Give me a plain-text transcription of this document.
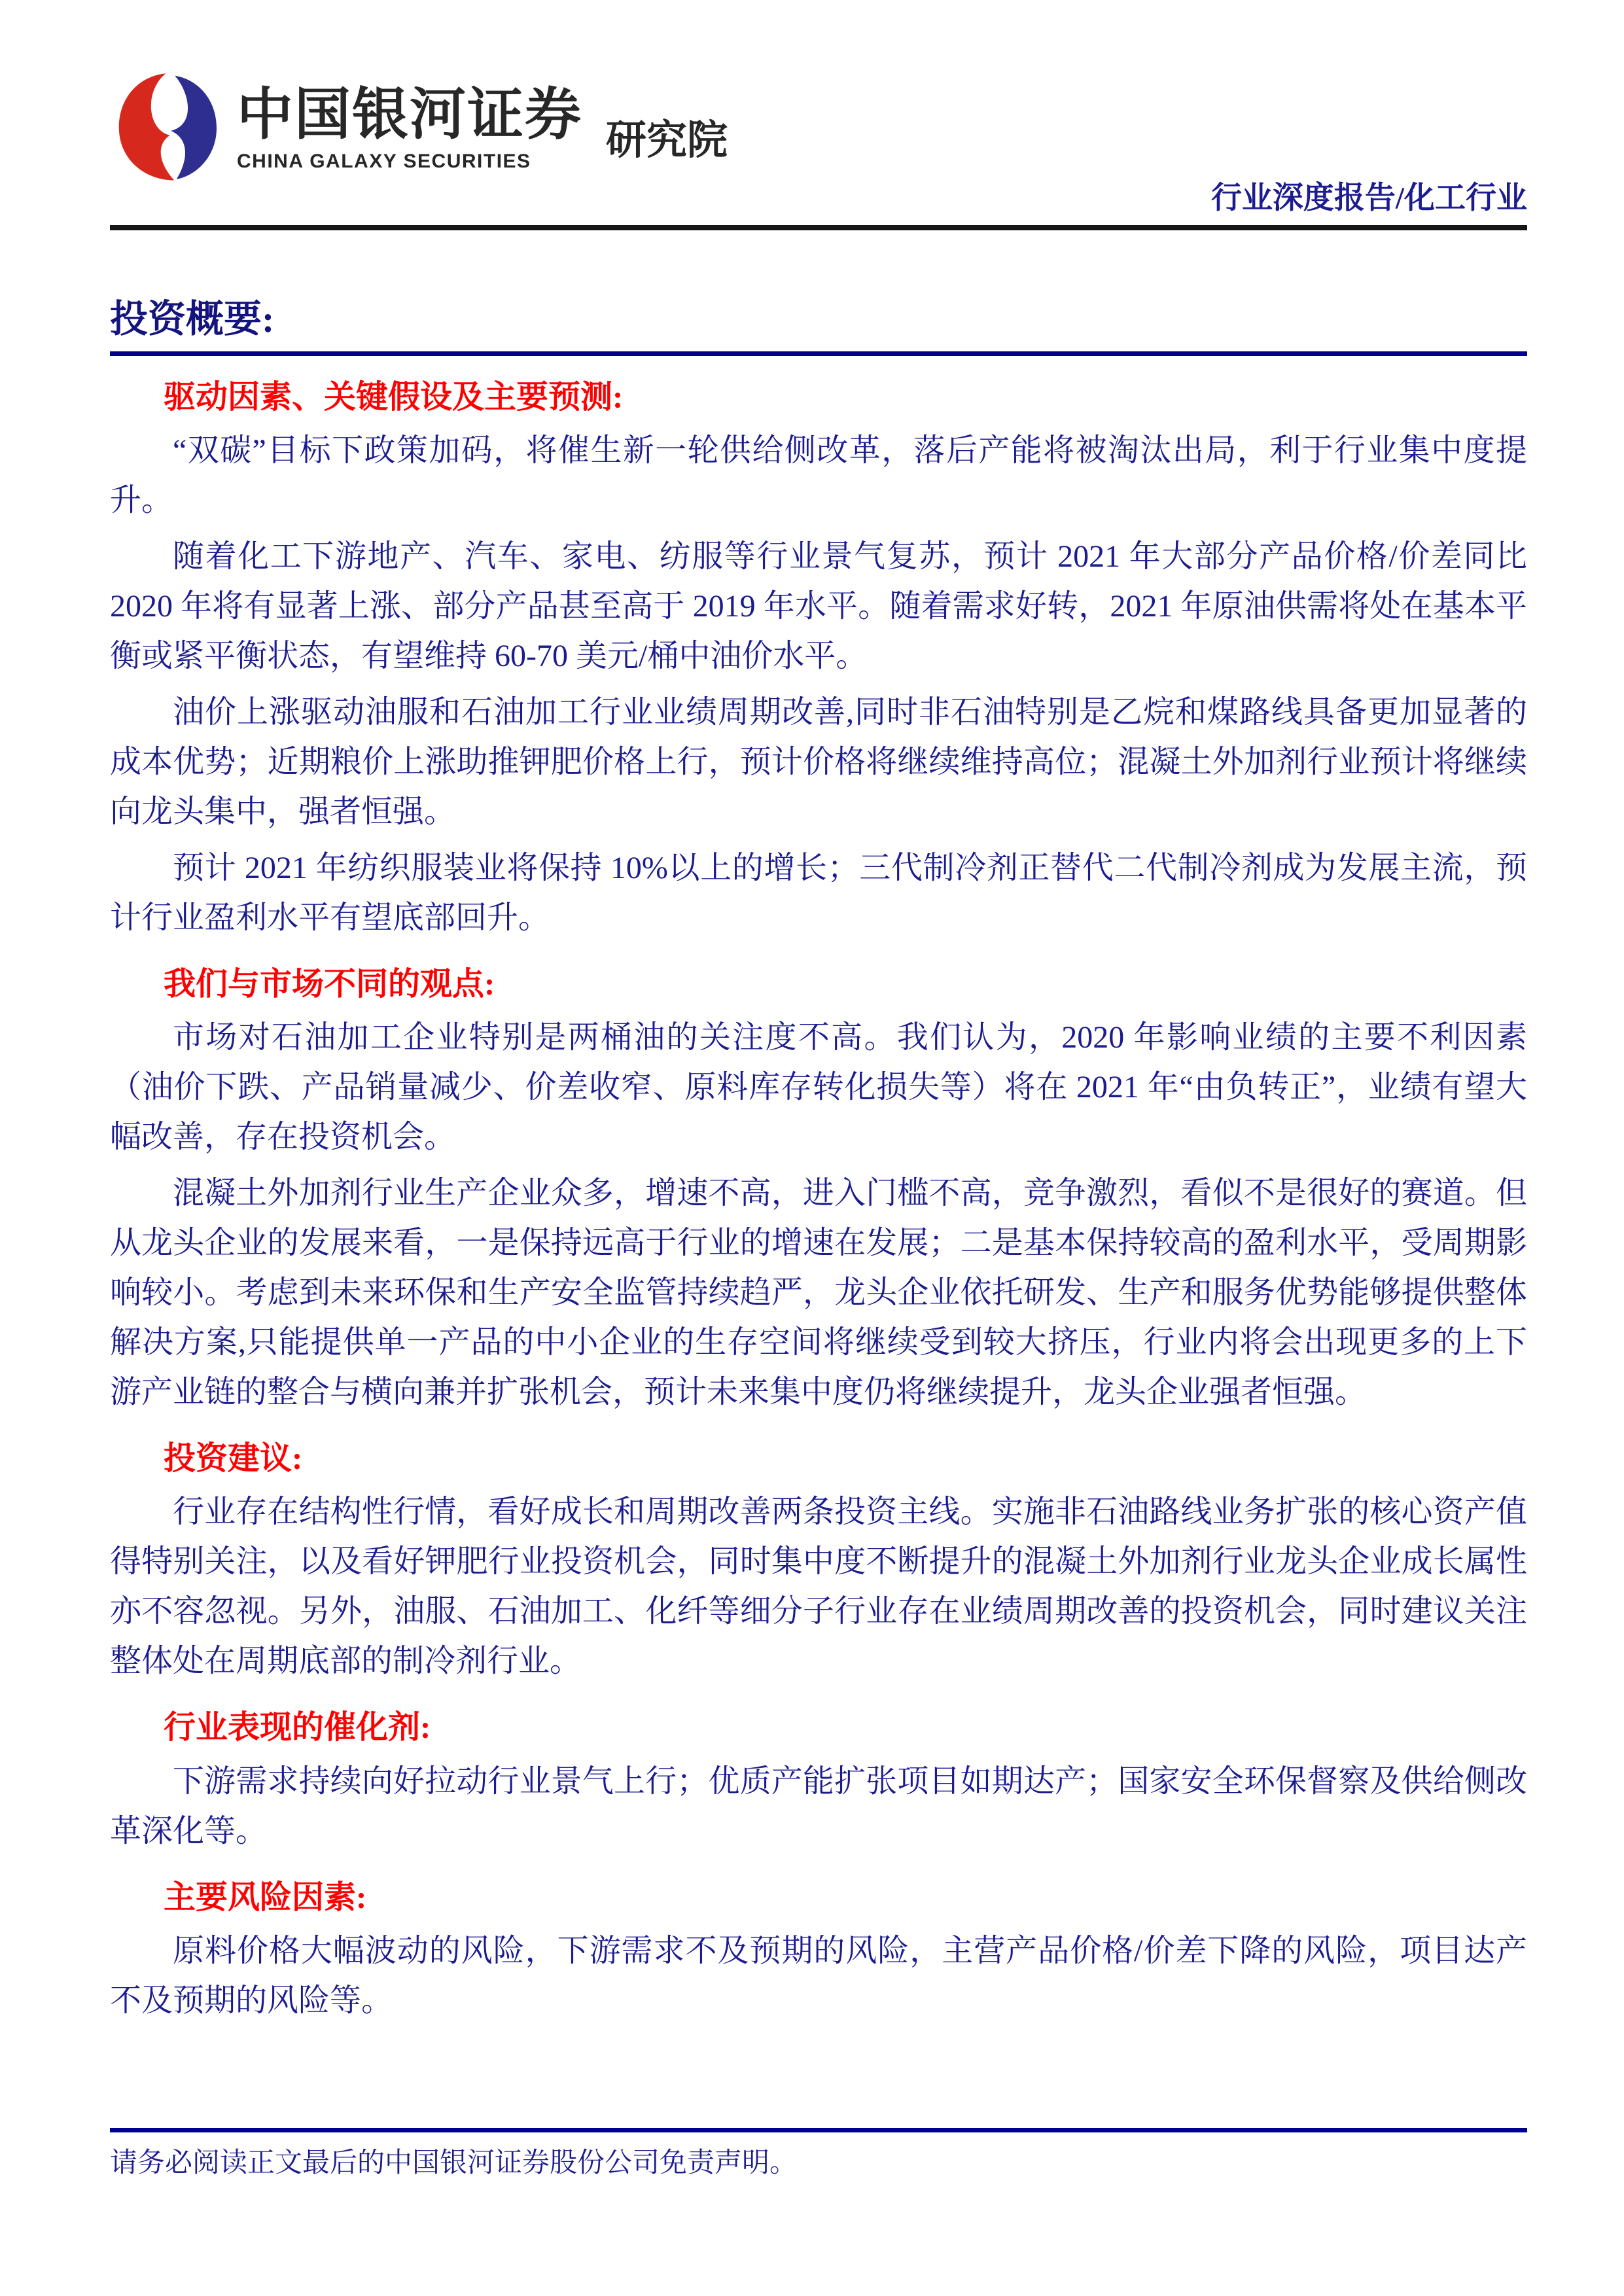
中国银河证券
CHINA GALAXY SECURITIES	研究院
行业深度报告/化工行业
投资概要:
驱动因素、关键假设及主要预测:

“双碳”目标下政策加码，将催生新一轮供给侧改革，落后产能将被淘汰出局，利于行业集中度提升。

随着化工下游地产、汽车、家电、纺服等行业景气复苏，预计 2021 年大部分产品价格/价差同比 2020 年将有显著上涨、部分产品甚至高于 2019 年水平。随着需求好转，2021 年原油供需将处在基本平衡或紧平衡状态，有望维持 60-70 美元/桶中油价水平。

油价上涨驱动油服和石油加工行业业绩周期改善,同时非石油特别是乙烷和煤路线具备更加显著的成本优势；近期粮价上涨助推钾肥价格上行，预计价格将继续维持高位；混凝土外加剂行业预计将继续向龙头集中，强者恒强。

预计 2021 年纺织服装业将保持 10%以上的增长；三代制冷剂正替代二代制冷剂成为发展主流，预计行业盈利水平有望底部回升。

我们与市场不同的观点:

市场对石油加工企业特别是两桶油的关注度不高。我们认为，2020 年影响业绩的主要不利因素（油价下跌、产品销量减少、价差收窄、原料库存转化损失等）将在 2021 年“由负转正”，业绩有望大幅改善，存在投资机会。

混凝土外加剂行业生产企业众多，增速不高，进入门槛不高，竞争激烈，看似不是很好的赛道。但从龙头企业的发展来看，一是保持远高于行业的增速在发展；二是基本保持较高的盈利水平，受周期影响较小。考虑到未来环保和生产安全监管持续趋严，龙头企业依托研发、生产和服务优势能够提供整体解决方案,只能提供单一产品的中小企业的生存空间将继续受到较大挤压，行业内将会出现更多的上下游产业链的整合与横向兼并扩张机会，预计未来集中度仍将继续提升，龙头企业强者恒强。

投资建议:

行业存在结构性行情，看好成长和周期改善两条投资主线。实施非石油路线业务扩张的核心资产值得特别关注，以及看好钾肥行业投资机会，同时集中度不断提升的混凝土外加剂行业龙头企业成长属性亦不容忽视。另外，油服、石油加工、化纤等细分子行业存在业绩周期改善的投资机会，同时建议关注整体处在周期底部的制冷剂行业。

行业表现的催化剂:

下游需求持续向好拉动行业景气上行；优质产能扩张项目如期达产；国家安全环保督察及供给侧改革深化等。

主要风险因素:

原料价格大幅波动的风险，下游需求不及预期的风险，主营产品价格/价差下降的风险，项目达产不及预期的风险等。

请务必阅读正文最后的中国银河证券股份公司免责声明。
